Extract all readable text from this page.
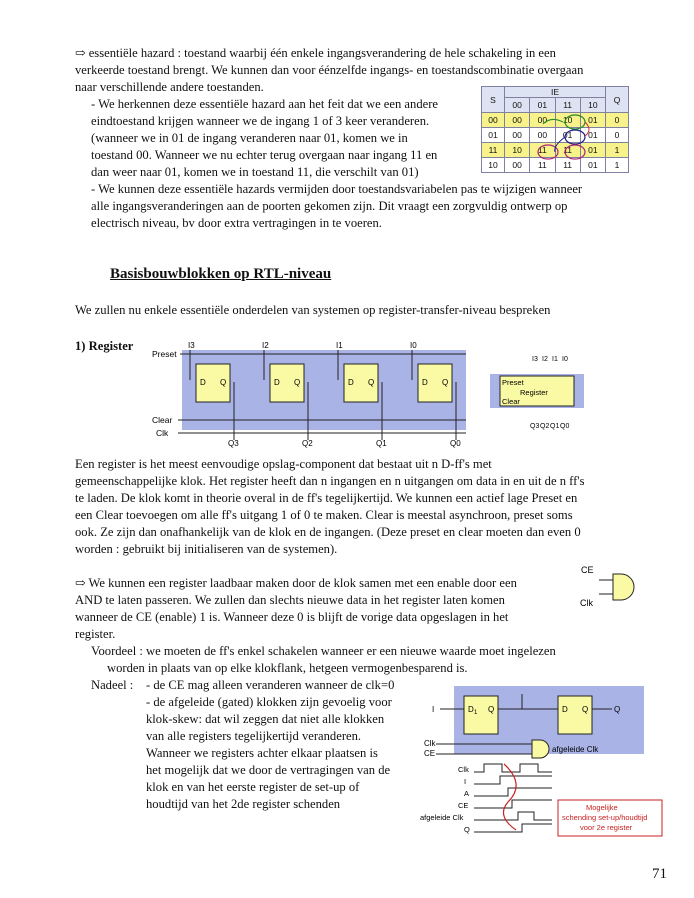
⇨ essentiële hazard : toestand waarbij één enkele ingangsverandering de hele schakeling in een
verkeerde toestand brengt. We kunnen dan voor éénzelfde ingangs- en toestandscombinatie overgaan
naar verschillende andere toestanden.
- We herkennen deze essentiële hazard aan het feit dat we een andere
eindtoestand krijgen wanneer we de ingang 1 of 3 keer veranderen.
(wanneer we in 01 de ingang veranderen naar 01, komen we in
toestand 00. Wanneer we nu echter terug overgaan naar ingang 11 en
dan weer naar 01, komen we in toestand 11, die verschilt van 01)
- We kunnen deze essentiële hazards vermijden door toestandsvariabelen pas te wijzigen wanneer
alle ingangsveranderingen aan de poorten gekomen zijn. Dit vraagt een zorgvuldig ontwerp op
electrisch niveau, bv door extra vertragingen in te voeren.
S	IE				Q
	00	01	11	10	
00	00	00	10	01	0
01	00	00	01	01	0
11	10	11	11	01	1
10	00	11	11	01	1
Basisbouwblokken op RTL-niveau
We zullen nu enkele essentiële onderdelen van systemen op register-transfer-niveau bespreken
1) Register
Preset
Clear
Clk
I3
D Q
Q3
I2
D Q
Q2
I1
D Q
Q1
I0
D Q
Q0
I3 I2 I1 I0
Preset
Register
Clear
Q3 Q2 Q1 Q0
Een register is het meest eenvoudige opslag-component dat bestaat uit n D-ff's met
gemeenschappelijke klok. Het register heeft dan n ingangen en n uitgangen om data in en uit de n ff's
te laden. De klok komt in theorie overal in de ff's tegelijkertijd. We kunnen een actief lage Preset en
een Clear toevoegen om alle ff's uitgang 1 of 0 te maken. Clear is meestal asynchroon, preset soms
ook. Ze zijn dan onafhankelijk van de klok en de ingangen. (Deze preset en clear moeten dan even 0
worden : gebruikt bij initialiseren van de systemen).
⇨ We kunnen een register laadbaar maken door de klok samen met een enable door een
AND te laten passeren. We zullen dan slechts nieuwe data in het register laten komen
wanneer de CE (enable) 1 is. Wanneer deze 0 is blijft de vorige data opgeslagen in het
register.
CE
Clk
Voordeel : we moeten de ff's enkel schakelen wanneer er een nieuwe waarde moet ingelezen
worden in plaats van op elke klokflank, hetgeen vermogenbesparend is.
Nadeel : - de CE mag alleen veranderen wanneer de clk=0
- de afgeleide (gated) klokken zijn gevoelig voor
klok-skew: dat wil zeggen dat niet alle klokken
van alle registers tegelijkertijd veranderen.
Wanneer we registers achter elkaar plaatsen is
het mogelijk dat we door de vertragingen van de
klok en van het eerste register de set-up of
houdtijd van het 2de register schenden
I	D 1 Q	D Q	Q
Clk
CE	afgeleide Clk
Clk
I
A
CE
afgeleide Clk
Q
Mogelijke
schending set-up/houdtijd
voor 2e register
71
